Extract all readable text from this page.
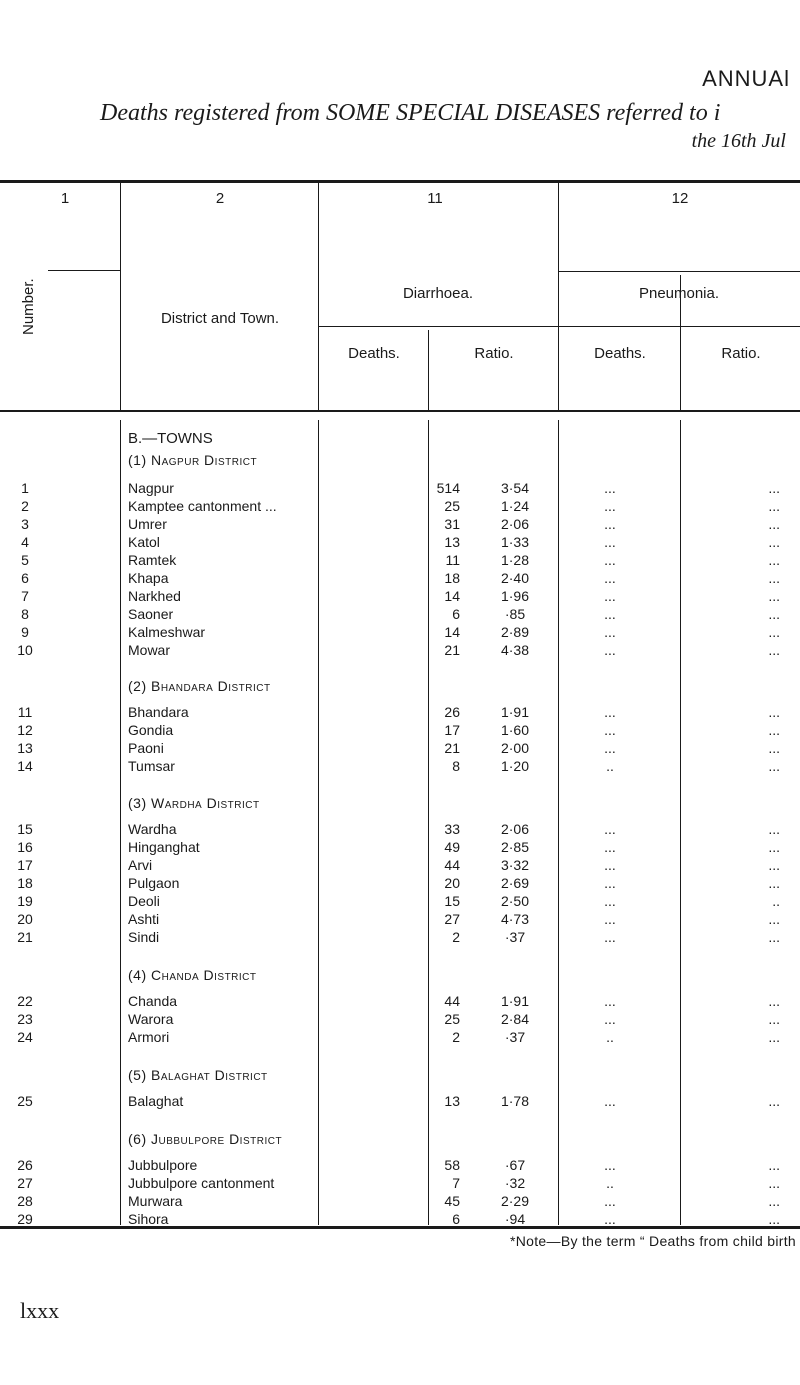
ANNUAl
Deaths registered from SOME SPECIAL DISEASES referred to i
the 16th Jul
1	2	11	12
Number.	District and Town.
Diarrhoea.	Pneumonia.
Deaths.	Ratio.	Deaths.	Ratio.
B.—TOWNS
(1) Nagpur District
1	Nagpur	514	3·54	...	...
2	Kamptee cantonment ...	25	1·24	...	...
3	Umrer	31	2·06	...	...
4	Katol	13	1·33	...	...
5	Ramtek	11	1·28	...	...
6	Khapa	18	2·40	...	...
7	Narkhed	14	1·96	...	...
8	Saoner	6	·85	...	...
9	Kalmeshwar	14	2·89	...	...
10	Mowar	21	4·38	...	...
(2) Bhandara District
11	Bhandara	26	1·91	...	...
12	Gondia	17	1·60	...	...
13	Paoni	21	2·00	...	...
14	Tumsar	8	1·20	..	...
(3) Wardha District
15	Wardha	33	2·06	...	...
16	Hinganghat	49	2·85	...	...
17	Arvi	44	3·32	...	...
18	Pulgaon	20	2·69	...	...
19	Deoli	15	2·50	...	..
20	Ashti	27	4·73	...	...
21	Sindi	2	·37	...	...
(4) Chanda District
22	Chanda	44	1·91	...	...
23	Warora	25	2·84	...	...
24	Armori	2	·37	..	...
(5) Balaghat District
25	Balaghat	13	1·78	...	...
(6) Jubbulpore District
26	Jubbulpore	58	·67	...	...
27	Jubbulpore cantonment	7	·32	..	...
28	Murwara	45	2·29	...	...
29	Sihora	6	·94	...	...
*Note—By the term “ Deaths from child birth
lxxx
